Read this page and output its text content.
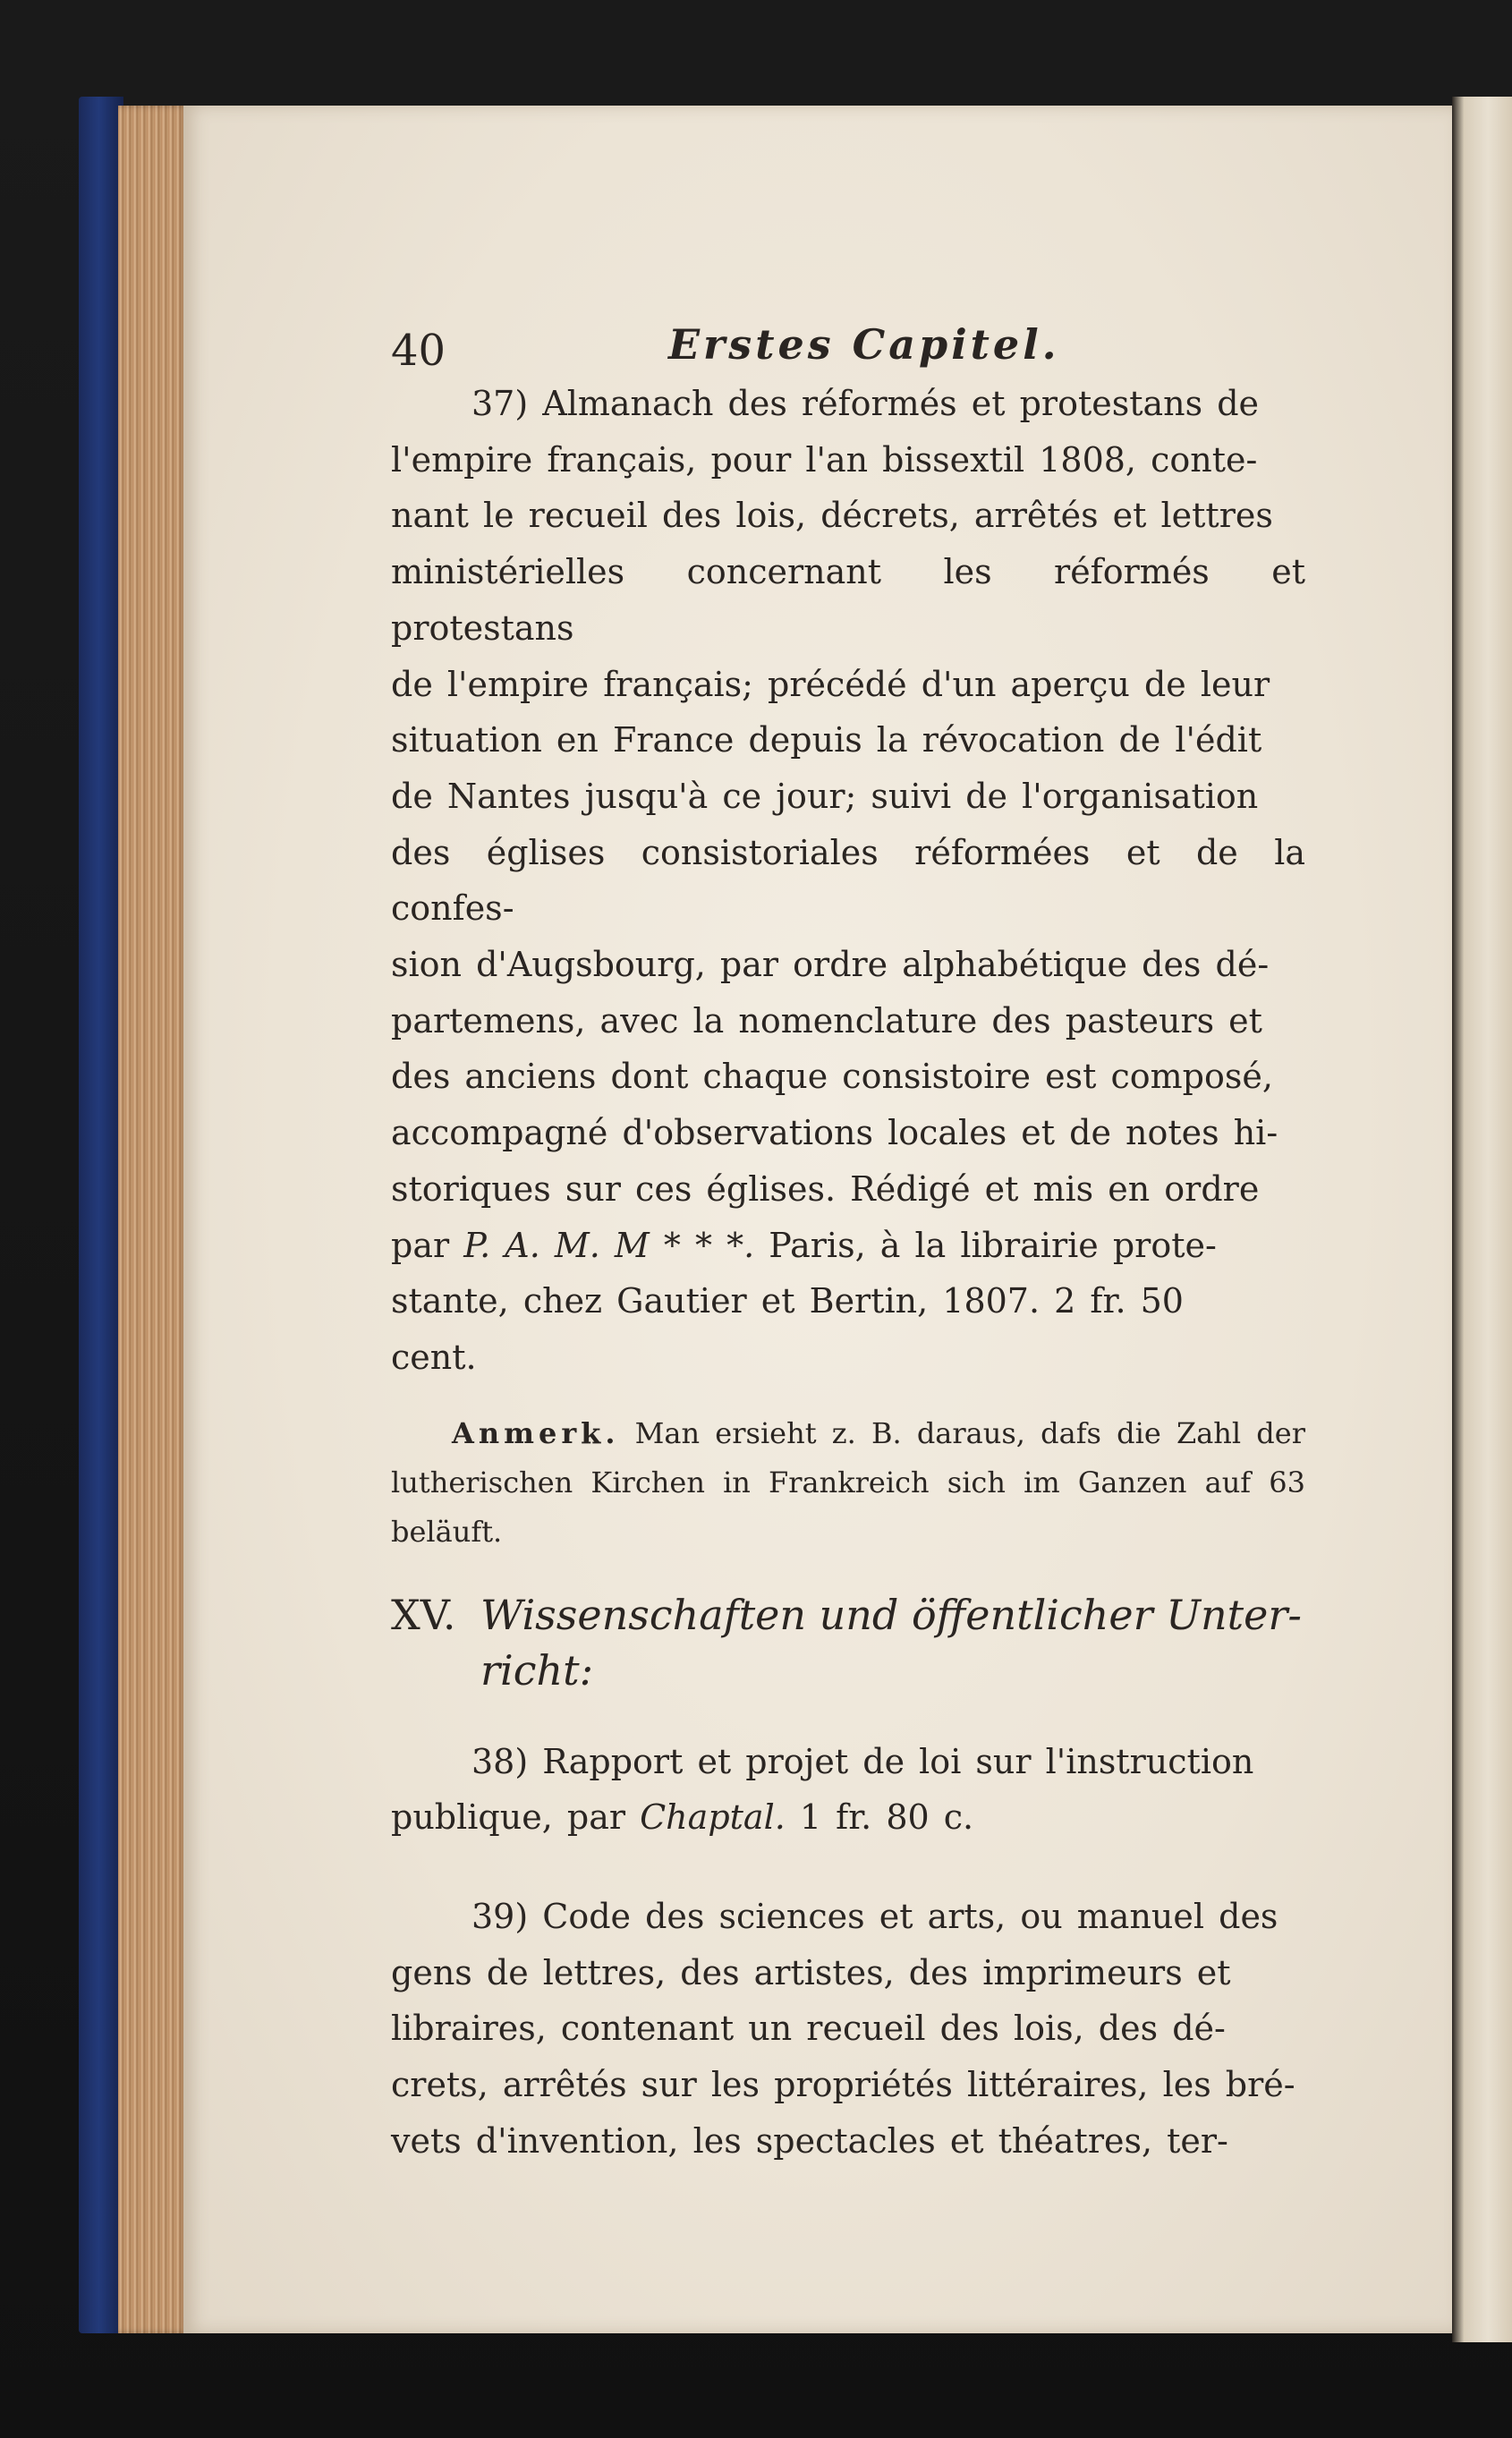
40	Erstes Capitel.
37) Almanach des réformés et protestans de
l'empire français, pour l'an bissextil 1808, conte-
nant le recueil des lois, décrets, arrêtés et lettres
ministérielles concernant les réformés et protestans
de l'empire français; précédé d'un aperçu de leur
situation en France depuis la révocation de l'édit
de Nantes jusqu'à ce jour; suivi de l'organisation
des églises consistoriales réformées et de la confes-
sion d'Augsbourg, par ordre alphabétique des dé-
partemens, avec la nomenclature des pasteurs et
des anciens dont chaque consistoire est composé,
accompagné d'observations locales et de notes hi-
storiques sur ces églises. Rédigé et mis en ordre
par P. A. M. M * * *. Paris, à la librairie prote-
stante, chez Gautier et Bertin, 1807. 2 fr. 50
cent.

Anmerk. Man ersieht z. B. daraus, dafs die Zahl der lutherischen Kirchen in Frankreich sich im Ganzen auf 63 beläuft.

XV. Wissenschaften und öffentlicher Unter-
richt:
38) Rapport et projet de loi sur l'instruction
publique, par Chaptal. 1 fr. 80 c.
39) Code des sciences et arts, ou manuel des
gens de lettres, des artistes, des imprimeurs et
libraires, contenant un recueil des lois, des dé-
crets, arrêtés sur les propriétés littéraires, les bré-
vets d'invention, les spectacles et théatres, ter-
